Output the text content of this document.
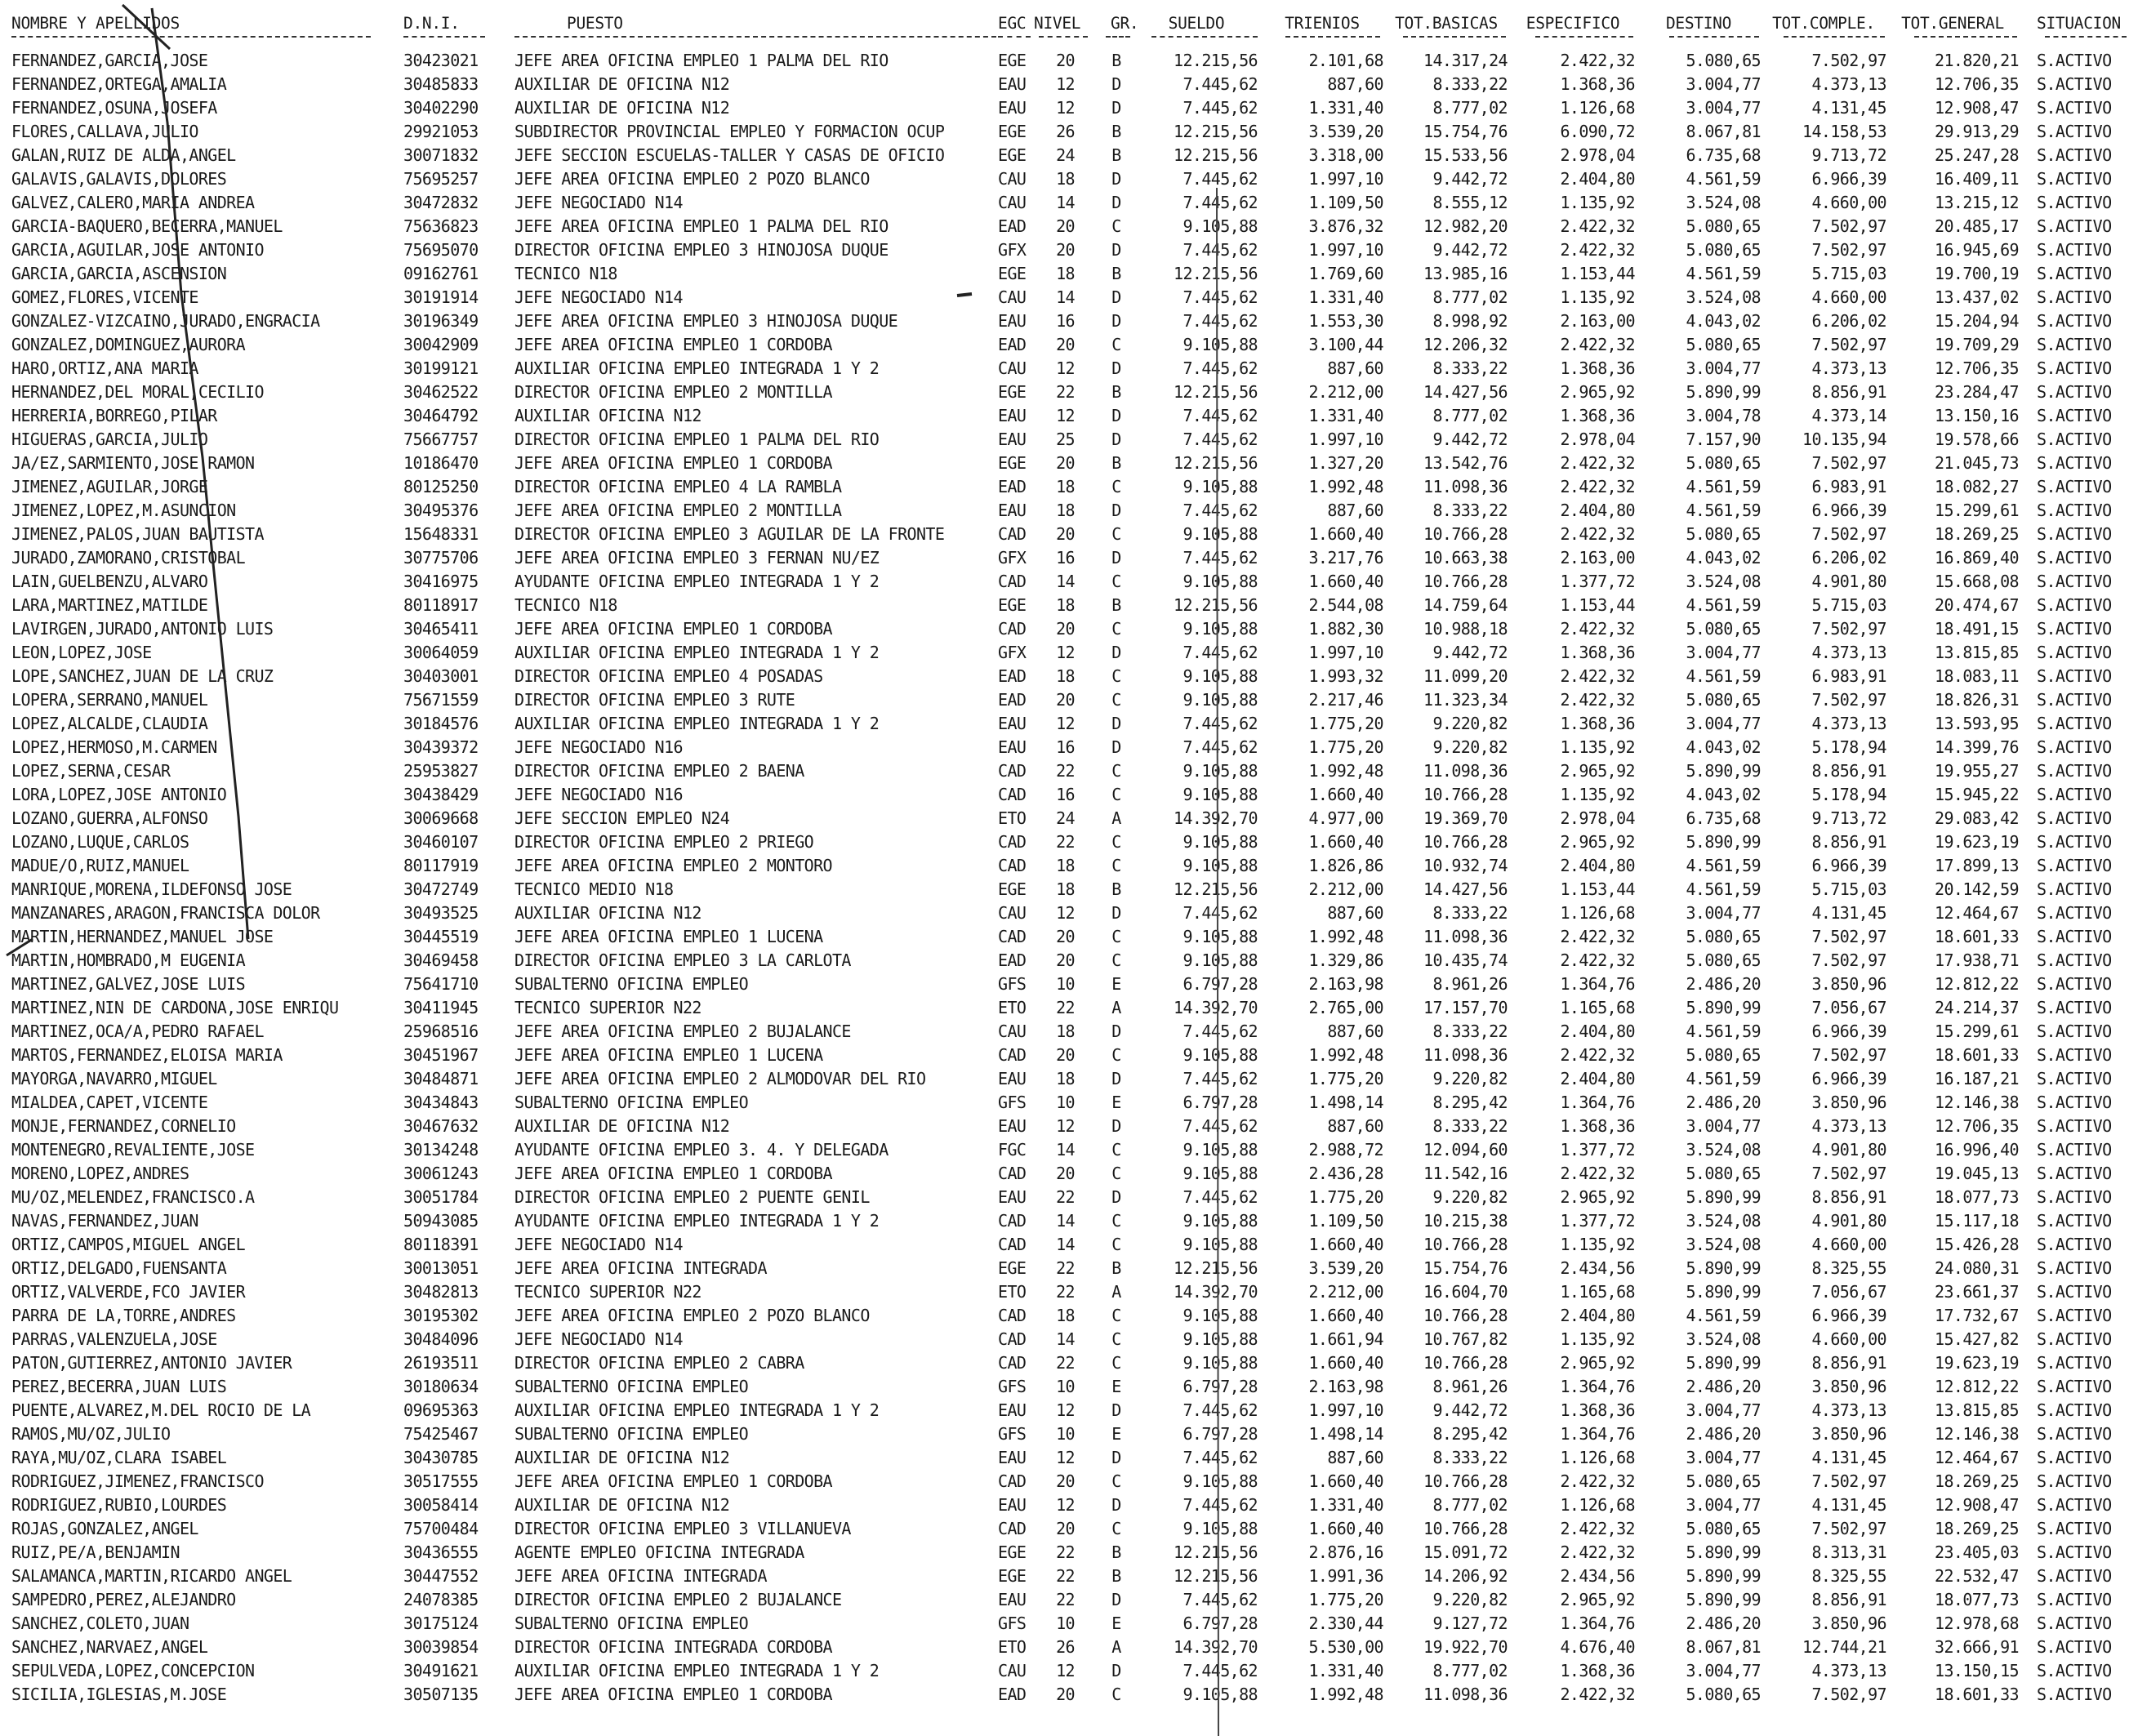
NOMBRE Y APELLIDOS	D.N.I.	PUESTO	EGC NIVEL GR.	SUELDO	TRIENIOS	TOT.BASICAS	ESPECIFICO	DESTINO	TOT.COMPLE.	TOT.GENERAL	SITUACION
FERNANDEZ,GARCIA,JOSE	30423021	JEFE AREA OFICINA EMPLEO 1 PALMA DEL RIO	EGE	20	B	12.215,56	2.101,68	14.317,24	2.422,32	5.080,65	7.502,97	21.820,21 S.ACTIVO
FERNANDEZ,ORTEGA,AMALIA	30485833	AUXILIAR DE OFICINA N12	EAU	12	D	7.445,62	887,60	8.333,22	1.368,36	3.004,77	4.373,13	12.706,35 S.ACTIVO
FERNANDEZ,OSUNA,JOSEFA	30402290	AUXILIAR DE OFICINA N12	EAU	12	D	7.445,62	1.331,40	8.777,02	1.126,68	3.004,77	4.131,45	12.908,47 S.ACTIVO
FLORES,CALLAVA,JULIO	29921053	SUBDIRECTOR PROVINCIAL EMPLEO Y FORMACION OCUP	EGE	26	B	12.215,56	3.539,20	15.754,76	6.090,72	8.067,81	14.158,53	29.913,29 S.ACTIVO
GALAN,RUIZ DE ALDA,ANGEL	30071832	JEFE SECCION ESCUELAS-TALLER Y CASAS DE OFICIO	EGE	24	B	12.215,56	3.318,00	15.533,56	2.978,04	6.735,68	9.713,72	25.247,28 S.ACTIVO
GALAVIS,GALAVIS,DOLORES	75695257	JEFE AREA OFICINA EMPLEO 2 POZO BLANCO	CAU	18	D	7.445,62	1.997,10	9.442,72	2.404,80	4.561,59	6.966,39	16.409,11 S.ACTIVO
GALVEZ,CALERO,MARIA ANDREA	30472832	JEFE NEGOCIADO N14	CAU	14	D	7.445,62	1.109,50	8.555,12	1.135,92	3.524,08	4.660,00	13.215,12 S.ACTIVO
GARCIA-BAQUERO,BECERRA,MANUEL	75636823	JEFE AREA OFICINA EMPLEO 1 PALMA DEL RIO	EAD	20	C	9.105,88	3.876,32	12.982,20	2.422,32	5.080,65	7.502,97	20.485,17 S.ACTIVO
GARCIA,AGUILAR,JOSE ANTONIO	75695070	DIRECTOR OFICINA EMPLEO 3 HINOJOSA DUQUE	GFX	20	D	7.445,62	1.997,10	9.442,72	2.422,32	5.080,65	7.502,97	16.945,69 S.ACTIVO
GARCIA,GARCIA,ASCENSION	09162761	TECNICO N18	EGE	18	B	12.215,56	1.769,60	13.985,16	1.153,44	4.561,59	5.715,03	19.700,19 S.ACTIVO
GOMEZ,FLORES,VICENTE	30191914	JEFE NEGOCIADO N14	CAU	14	D	7.445,62	1.331,40	8.777,02	1.135,92	3.524,08	4.660,00	13.437,02 S.ACTIVO
GONZALEZ-VIZCAINO,JURADO,ENGRACIA	30196349	JEFE AREA OFICINA EMPLEO 3 HINOJOSA DUQUE	EAU	16	D	7.445,62	1.553,30	8.998,92	2.163,00	4.043,02	6.206,02	15.204,94 S.ACTIVO
GONZALEZ,DOMINGUEZ,AURORA	30042909	JEFE AREA OFICINA EMPLEO 1 CORDOBA	EAD	20	C	9.105,88	3.100,44	12.206,32	2.422,32	5.080,65	7.502,97	19.709,29 S.ACTIVO
HARO,ORTIZ,ANA MARIA	30199121	AUXILIAR OFICINA EMPLEO INTEGRADA 1 Y 2	CAU	12	D	7.445,62	887,60	8.333,22	1.368,36	3.004,77	4.373,13	12.706,35 S.ACTIVO
HERNANDEZ,DEL MORAL,CECILIO	30462522	DIRECTOR OFICINA EMPLEO 2 MONTILLA	EGE	22	B	12.215,56	2.212,00	14.427,56	2.965,92	5.890,99	8.856,91	23.284,47 S.ACTIVO
HERRERIA,BORREGO,PILAR	30464792	AUXILIAR OFICINA N12	EAU	12	D	7.445,62	1.331,40	8.777,02	1.368,36	3.004,78	4.373,14	13.150,16 S.ACTIVO
HIGUERAS,GARCIA,JULIO	75667757	DIRECTOR OFICINA EMPLEO 1 PALMA DEL RIO	EAU	25	D	7.445,62	1.997,10	9.442,72	2.978,04	7.157,90	10.135,94	19.578,66 S.ACTIVO
JA/EZ,SARMIENTO,JOSE RAMON	10186470	JEFE AREA OFICINA EMPLEO 1 CORDOBA	EGE	20	B	12.215,56	1.327,20	13.542,76	2.422,32	5.080,65	7.502,97	21.045,73 S.ACTIVO
JIMENEZ,AGUILAR,JORGE	80125250	DIRECTOR OFICINA EMPLEO 4 LA RAMBLA	EAD	18	C	9.105,88	1.992,48	11.098,36	2.422,32	4.561,59	6.983,91	18.082,27 S.ACTIVO
JIMENEZ,LOPEZ,M.ASUNCION	30495376	JEFE AREA OFICINA EMPLEO 2 MONTILLA	EAU	18	D	7.445,62	887,60	8.333,22	2.404,80	4.561,59	6.966,39	15.299,61 S.ACTIVO
JIMENEZ,PALOS,JUAN BAUTISTA	15648331	DIRECTOR OFICINA EMPLEO 3 AGUILAR DE LA FRONTE	CAD	20	C	9.105,88	1.660,40	10.766,28	2.422,32	5.080,65	7.502,97	18.269,25 S.ACTIVO
JURADO,ZAMORANO,CRISTOBAL	30775706	JEFE AREA OFICINA EMPLEO 3 FERNAN NU/EZ	GFX	16	D	7.445,62	3.217,76	10.663,38	2.163,00	4.043,02	6.206,02	16.869,40 S.ACTIVO
LAIN,GUELBENZU,ALVARO	30416975	AYUDANTE OFICINA EMPLEO INTEGRADA 1 Y 2	CAD	14	C	9.105,88	1.660,40	10.766,28	1.377,72	3.524,08	4.901,80	15.668,08 S.ACTIVO
LARA,MARTINEZ,MATILDE	80118917	TECNICO N18	EGE	18	B	12.215,56	2.544,08	14.759,64	1.153,44	4.561,59	5.715,03	20.474,67 S.ACTIVO
LAVIRGEN,JURADO,ANTONIO LUIS	30465411	JEFE AREA OFICINA EMPLEO 1 CORDOBA	CAD	20	C	9.105,88	1.882,30	10.988,18	2.422,32	5.080,65	7.502,97	18.491,15 S.ACTIVO
LEON,LOPEZ,JOSE	30064059	AUXILIAR OFICINA EMPLEO INTEGRADA 1 Y 2	GFX	12	D	7.445,62	1.997,10	9.442,72	1.368,36	3.004,77	4.373,13	13.815,85 S.ACTIVO
LOPE,SANCHEZ,JUAN DE LA CRUZ	30403001	DIRECTOR OFICINA EMPLEO 4 POSADAS	EAD	18	C	9.105,88	1.993,32	11.099,20	2.422,32	4.561,59	6.983,91	18.083,11 S.ACTIVO
LOPERA,SERRANO,MANUEL	75671559	DIRECTOR OFICINA EMPLEO 3 RUTE	EAD	20	C	9.105,88	2.217,46	11.323,34	2.422,32	5.080,65	7.502,97	18.826,31 S.ACTIVO
LOPEZ,ALCALDE,CLAUDIA	30184576	AUXILIAR OFICINA EMPLEO INTEGRADA 1 Y 2	EAU	12	D	7.445,62	1.775,20	9.220,82	1.368,36	3.004,77	4.373,13	13.593,95 S.ACTIVO
LOPEZ,HERMOSO,M.CARMEN	30439372	JEFE NEGOCIADO N16	EAU	16	D	7.445,62	1.775,20	9.220,82	1.135,92	4.043,02	5.178,94	14.399,76 S.ACTIVO
LOPEZ,SERNA,CESAR	25953827	DIRECTOR OFICINA EMPLEO 2 BAENA	CAD	22	C	9.105,88	1.992,48	11.098,36	2.965,92	5.890,99	8.856,91	19.955,27 S.ACTIVO
LORA,LOPEZ,JOSE ANTONIO	30438429	JEFE NEGOCIADO N16	CAD	16	C	9.105,88	1.660,40	10.766,28	1.135,92	4.043,02	5.178,94	15.945,22 S.ACTIVO
LOZANO,GUERRA,ALFONSO	30069668	JEFE SECCION EMPLEO N24	ETO	24	A	14.392,70	4.977,00	19.369,70	2.978,04	6.735,68	9.713,72	29.083,42 S.ACTIVO
LOZANO,LUQUE,CARLOS	30460107	DIRECTOR OFICINA EMPLEO 2 PRIEGO	CAD	22	C	9.105,88	1.660,40	10.766,28	2.965,92	5.890,99	8.856,91	19.623,19 S.ACTIVO
MADUE/O,RUIZ,MANUEL	80117919	JEFE AREA OFICINA EMPLEO 2 MONTORO	CAD	18	C	9.105,88	1.826,86	10.932,74	2.404,80	4.561,59	6.966,39	17.899,13 S.ACTIVO
MANRIQUE,MORENA,ILDEFONSO JOSE	30472749	TECNICO MEDIO N18	EGE	18	B	12.215,56	2.212,00	14.427,56	1.153,44	4.561,59	5.715,03	20.142,59 S.ACTIVO
MANZANARES,ARAGON,FRANCISCA DOLOR	30493525	AUXILIAR OFICINA N12	CAU	12	D	7.445,62	887,60	8.333,22	1.126,68	3.004,77	4.131,45	12.464,67 S.ACTIVO
MARTIN,HERNANDEZ,MANUEL JOSE	30445519	JEFE AREA OFICINA EMPLEO 1 LUCENA	CAD	20	C	9.105,88	1.992,48	11.098,36	2.422,32	5.080,65	7.502,97	18.601,33 S.ACTIVO
MARTIN,HOMBRADO,M EUGENIA	30469458	DIRECTOR OFICINA EMPLEO 3 LA CARLOTA	EAD	20	C	9.105,88	1.329,86	10.435,74	2.422,32	5.080,65	7.502,97	17.938,71 S.ACTIVO
MARTINEZ,GALVEZ,JOSE LUIS	75641710	SUBALTERNO OFICINA EMPLEO	GFS	10	E	6.797,28	2.163,98	8.961,26	1.364,76	2.486,20	3.850,96	12.812,22 S.ACTIVO
MARTINEZ,NIN DE CARDONA,JOSE ENRIQU	30411945	TECNICO SUPERIOR N22	ETO	22	A	14.392,70	2.765,00	17.157,70	1.165,68	5.890,99	7.056,67	24.214,37 S.ACTIVO
MARTINEZ,OCA/A,PEDRO RAFAEL	25968516	JEFE AREA OFICINA EMPLEO 2 BUJALANCE	CAU	18	D	7.445,62	887,60	8.333,22	2.404,80	4.561,59	6.966,39	15.299,61 S.ACTIVO
MARTOS,FERNANDEZ,ELOISA MARIA	30451967	JEFE AREA OFICINA EMPLEO 1 LUCENA	CAD	20	C	9.105,88	1.992,48	11.098,36	2.422,32	5.080,65	7.502,97	18.601,33 S.ACTIVO
MAYORGA,NAVARRO,MIGUEL	30484871	JEFE AREA OFICINA EMPLEO 2 ALMODOVAR DEL RIO	EAU	18	D	7.445,62	1.775,20	9.220,82	2.404,80	4.561,59	6.966,39	16.187,21 S.ACTIVO
MIALDEA,CAPET,VICENTE	30434843	SUBALTERNO OFICINA EMPLEO	GFS	10	E	6.797,28	1.498,14	8.295,42	1.364,76	2.486,20	3.850,96	12.146,38 S.ACTIVO
MONJE,FERNANDEZ,CORNELIO	30467632	AUXILIAR DE OFICINA N12	EAU	12	D	7.445,62	887,60	8.333,22	1.368,36	3.004,77	4.373,13	12.706,35 S.ACTIVO
MONTENEGRO,REVALIENTE,JOSE	30134248	AYUDANTE OFICINA EMPLEO 3. 4. Y DELEGADA	FGC	14	C	9.105,88	2.988,72	12.094,60	1.377,72	3.524,08	4.901,80	16.996,40 S.ACTIVO
MORENO,LOPEZ,ANDRES	30061243	JEFE AREA OFICINA EMPLEO 1 CORDOBA	CAD	20	C	9.105,88	2.436,28	11.542,16	2.422,32	5.080,65	7.502,97	19.045,13 S.ACTIVO
MU/OZ,MELENDEZ,FRANCISCO.A	30051784	DIRECTOR OFICINA EMPLEO 2 PUENTE GENIL	EAU	22	D	7.445,62	1.775,20	9.220,82	2.965,92	5.890,99	8.856,91	18.077,73 S.ACTIVO
NAVAS,FERNANDEZ,JUAN	50943085	AYUDANTE OFICINA EMPLEO INTEGRADA 1 Y 2	CAD	14	C	9.105,88	1.109,50	10.215,38	1.377,72	3.524,08	4.901,80	15.117,18 S.ACTIVO
ORTIZ,CAMPOS,MIGUEL ANGEL	80118391	JEFE NEGOCIADO N14	CAD	14	C	9.105,88	1.660,40	10.766,28	1.135,92	3.524,08	4.660,00	15.426,28 S.ACTIVO
ORTIZ,DELGADO,FUENSANTA	30013051	JEFE AREA OFICINA INTEGRADA	EGE	22	B	12.215,56	3.539,20	15.754,76	2.434,56	5.890,99	8.325,55	24.080,31 S.ACTIVO
ORTIZ,VALVERDE,FCO JAVIER	30482813	TECNICO SUPERIOR N22	ETO	22	A	14.392,70	2.212,00	16.604,70	1.165,68	5.890,99	7.056,67	23.661,37 S.ACTIVO
PARRA DE LA,TORRE,ANDRES	30195302	JEFE AREA OFICINA EMPLEO 2 POZO BLANCO	CAD	18	C	9.105,88	1.660,40	10.766,28	2.404,80	4.561,59	6.966,39	17.732,67 S.ACTIVO
PARRAS,VALENZUELA,JOSE	30484096	JEFE NEGOCIADO N14	CAD	14	C	9.105,88	1.661,94	10.767,82	1.135,92	3.524,08	4.660,00	15.427,82 S.ACTIVO
PATON,GUTIERREZ,ANTONIO JAVIER	26193511	DIRECTOR OFICINA EMPLEO 2 CABRA	CAD	22	C	9.105,88	1.660,40	10.766,28	2.965,92	5.890,99	8.856,91	19.623,19 S.ACTIVO
PEREZ,BECERRA,JUAN LUIS	30180634	SUBALTERNO OFICINA EMPLEO	GFS	10	E	6.797,28	2.163,98	8.961,26	1.364,76	2.486,20	3.850,96	12.812,22 S.ACTIVO
PUENTE,ALVAREZ,M.DEL ROCIO DE LA	09695363	AUXILIAR OFICINA EMPLEO INTEGRADA 1 Y 2	EAU	12	D	7.445,62	1.997,10	9.442,72	1.368,36	3.004,77	4.373,13	13.815,85 S.ACTIVO
RAMOS,MU/OZ,JULIO	75425467	SUBALTERNO OFICINA EMPLEO	GFS	10	E	6.797,28	1.498,14	8.295,42	1.364,76	2.486,20	3.850,96	12.146,38 S.ACTIVO
RAYA,MU/OZ,CLARA ISABEL	30430785	AUXILIAR DE OFICINA N12	EAU	12	D	7.445,62	887,60	8.333,22	1.126,68	3.004,77	4.131,45	12.464,67 S.ACTIVO
RODRIGUEZ,JIMENEZ,FRANCISCO	30517555	JEFE AREA OFICINA EMPLEO 1 CORDOBA	CAD	20	C	9.105,88	1.660,40	10.766,28	2.422,32	5.080,65	7.502,97	18.269,25 S.ACTIVO
RODRIGUEZ,RUBIO,LOURDES	30058414	AUXILIAR DE OFICINA N12	EAU	12	D	7.445,62	1.331,40	8.777,02	1.126,68	3.004,77	4.131,45	12.908,47 S.ACTIVO
ROJAS,GONZALEZ,ANGEL	75700484	DIRECTOR OFICINA EMPLEO 3 VILLANUEVA	CAD	20	C	9.105,88	1.660,40	10.766,28	2.422,32	5.080,65	7.502,97	18.269,25 S.ACTIVO
RUIZ,PE/A,BENJAMIN	30436555	AGENTE EMPLEO OFICINA INTEGRADA	EGE	22	B	12.215,56	2.876,16	15.091,72	2.422,32	5.890,99	8.313,31	23.405,03 S.ACTIVO
SALAMANCA,MARTIN,RICARDO ANGEL	30447552	JEFE AREA OFICINA INTEGRADA	EGE	22	B	12.215,56	1.991,36	14.206,92	2.434,56	5.890,99	8.325,55	22.532,47 S.ACTIVO
SAMPEDRO,PEREZ,ALEJANDRO	24078385	DIRECTOR OFICINA EMPLEO 2 BUJALANCE	EAU	22	D	7.445,62	1.775,20	9.220,82	2.965,92	5.890,99	8.856,91	18.077,73 S.ACTIVO
SANCHEZ,COLETO,JUAN	30175124	SUBALTERNO OFICINA EMPLEO	GFS	10	E	6.797,28	2.330,44	9.127,72	1.364,76	2.486,20	3.850,96	12.978,68 S.ACTIVO
SANCHEZ,NARVAEZ,ANGEL	30039854	DIRECTOR OFICINA INTEGRADA CORDOBA	ETO	26	A	14.392,70	5.530,00	19.922,70	4.676,40	8.067,81	12.744,21	32.666,91 S.ACTIVO
SEPULVEDA,LOPEZ,CONCEPCION	30491621	AUXILIAR OFICINA EMPLEO INTEGRADA 1 Y 2	CAU	12	D	7.445,62	1.331,40	8.777,02	1.368,36	3.004,77	4.373,13	13.150,15 S.ACTIVO
SICILIA,IGLESIAS,M.JOSE	30507135	JEFE AREA OFICINA EMPLEO 1 CORDOBA	EAD	20	C	9.105,88	1.992,48	11.098,36	2.422,32	5.080,65	7.502,97	18.601,33 S.ACTIVO
